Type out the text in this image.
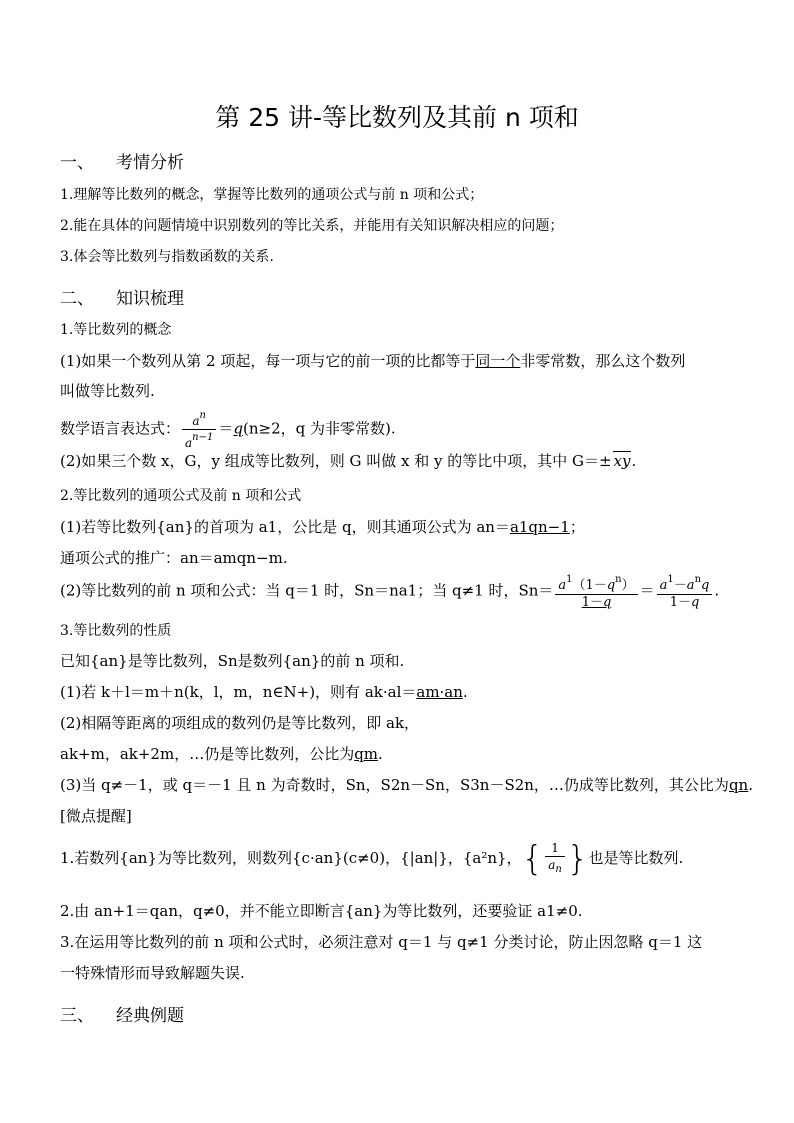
第 25 讲-等比数列及其前 n 项和
一、 考情分析
1.理解等比数列的概念，掌握等比数列的通项公式与前 n 项和公式；
2.能在具体的问题情境中识别数列的等比关系，并能用有关知识解决相应的问题；
3.体会等比数列与指数函数的关系.
二、 知识梳理
1.等比数列的概念
(1)如果一个数列从第 2 项起，每一项与它的前一项的比都等于同一个非零常数，那么这个数列
叫做等比数列.
数学语言表达式： $\frac{a^n}{a^{n-1}} =q(n\ge 2$，q 为非零常数).
(2)如果三个数 x，G，y 组成等比数列，则 G 叫做 x 和 y 的等比中项，其中 G＝± xy.
2.等比数列的通项公式及前 n 项和公式
(1)若等比数列{an}的首项为 a1，公比是 q，则其通项公式为 an＝a1qn−1；
通项公式的推广：an＝amqn−m.
(2)等比数列的前 n 项和公式：当 q＝1 时，Sn＝na1；当 q≠1 时，$Sn= \frac{a^1(1-q^n)}{1-q} = \frac{a^1-a^nq}{1-q}$ .
3.等比数列的性质
已知{an}是等比数列，Sn是数列{an}的前 n 项和.
(1)若 k＋l＝m＋n(k，l，m，n∈N+)，则有 ak·al＝am·an.
(2)相隔等距离的项组成的数列仍是等比数列，即 ak，
ak+m，ak+2m，…仍是等比数列，公比为qm.
(3)当 q≠－1，或 q＝－1 且 n 为奇数时，Sn，S2n－Sn，S3n－S2n，…仍成等比数列，其公比为qn.
[微点提醒]
1.若数列{an}为等比数列，则数列{c·an}(c≠0)，{|an|}，{a²n}，{ $\frac{1}{a_n}$ }也是等比数列.
2.由 an+1＝qan，q≠0，并不能立即断言{an}为等比数列，还要验证 a1≠0.
3.在运用等比数列的前 n 项和公式时，必须注意对 q＝1 与 q≠1 分类讨论，防止因忽略 q＝1 这
一特殊情形而导致解题失误.
三、 经典例题
